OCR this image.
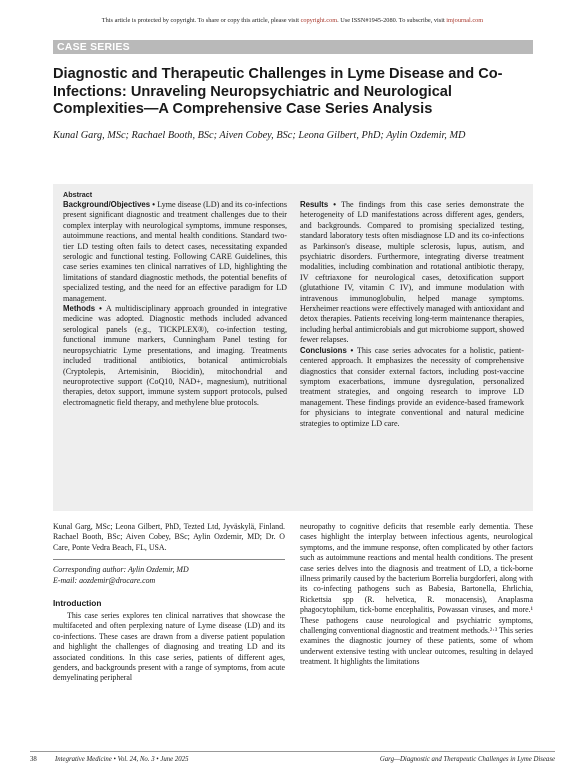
This article is protected by copyright. To share or copy this article, please visit copyright.com. Use ISSN#1945-2080. To subscribe, visit imjournal.com
CASE SERIES
Diagnostic and Therapeutic Challenges in Lyme Disease and Co-Infections: Unraveling Neuropsychiatric and Neurological Complexities—A Comprehensive Case Series Analysis
Kunal Garg, MSc; Rachael Booth, BSc; Aiven Cobey, BSc; Leona Gilbert, PhD; Aylin Ozdemir, MD
Abstract

Background/Objectives • Lyme disease (LD) and its co-infections present significant diagnostic and treatment challenges due to their complex interplay with neurological symptoms, immune responses, autoimmune reactions, and mental health conditions. Standard two-tier LD testing often fails to detect cases, necessitating expanded serologic and functional testing. Following CARE Guidelines, this case series examines ten clinical narratives of LD, highlighting the limitations of standard diagnostic methods, the potential benefits of specialized testing, and the need for an effective paradigm for LD management.

Methods • A multidisciplinary approach grounded in integrative medicine was adopted. Diagnostic methods included advanced serological panels (e.g., TICKPLEX®), co-infection testing, functional immune markers, Cunningham Panel testing for neuropsychiatric Lyme presentations, and imaging. Treatments included traditional antibiotics, botanical antimicrobials (Cryptolepis, Artemisinin, Biocidin), mitochondrial and neuroprotective support (CoQ10, NAD+, magnesium), nutritional therapies, detox support, immune system support protocols, pulsed electromagnetic field therapy, and methylene blue protocols.

Results • The findings from this case series demonstrate the heterogeneity of LD manifestations across different ages, genders, and backgrounds. Compared to promising specialized testing, standard laboratory tests often misdiagnose LD and its co-infections as Parkinson's disease, multiple sclerosis, lupus, autism, and psychiatric disorders. Furthermore, integrating diverse treatment modalities, including combination and rotational antibiotic therapy, IV ceftriaxone for neurological cases, detoxification support (glutathione IV, vitamin C IV), and immune modulation with intravenous immunoglobulin, helped manage symptoms. Herxheimer reactions were effectively managed with antioxidant and detox therapies. Patients receiving long-term maintenance therapies, including herbal antimicrobials and gut microbiome support, showed fewer relapses.

Conclusions • This case series advocates for a holistic, patient-centered approach. It emphasizes the necessity of comprehensive diagnostics that consider external factors, including post-vaccine symptom exacerbations, immune dysregulation, personalized treatment strategies, and ongoing research to improve LD management. These findings provide an evidence-based framework for physicians to integrate conventional and natural medicine strategies to optimize LD care.

Kunal Garg, MSc; Leona Gilbert, PhD, Tezted Ltd, Jyväskylä, Finland. Rachael Booth, BSc; Aiven Cobey, BSc; Aylin Ozdemir, MD; Dr. O Care, Ponte Vedra Beach, FL, USA.

Corresponding author: Aylin Ozdemir, MD

E-mail: aozdemir@drocare.com

Introduction

This case series explores ten clinical narratives that showcase the multifaceted and often perplexing nature of Lyme disease (LD) and its co-infections. These cases are drawn from a diverse patient population and highlight the challenges of diagnosing and treating LD and its associated conditions. In this case series, patients of different ages, genders, and backgrounds present with a range of symptoms, from acute demyelinating peripheral

neuropathy to cognitive deficits that resemble early dementia. These cases highlight the interplay between infectious agents, neurological symptoms, and the immune response, often complicated by other factors such as autoimmune reactions and mental health conditions. The present case series delves into the diagnosis and treatment of LD, a tick-borne illness primarily caused by the bacterium Borrelia burgdorferi, along with its co-infecting pathogens such as Babesia, Bartonella, Ehrlichia, Rickettsia spp (R. helvetica, R. monacensis), Anaplasma phagocytophilum, tick-borne encephalitis, Powassan viruses, and more.¹ These pathogens cause neurological and psychiatric symptoms, challenging conventional diagnostic and treatment methods.²·³ This series examines the diagnostic journey of these patients, some of whom underwent extensive testing with unclear outcomes, resulting in delayed treatment. It highlights the limitations

38	Integrative Medicine • Vol. 24, No. 3 • June 2025	Garg—Diagnostic and Therapeutic Challenges in Lyme Disease
